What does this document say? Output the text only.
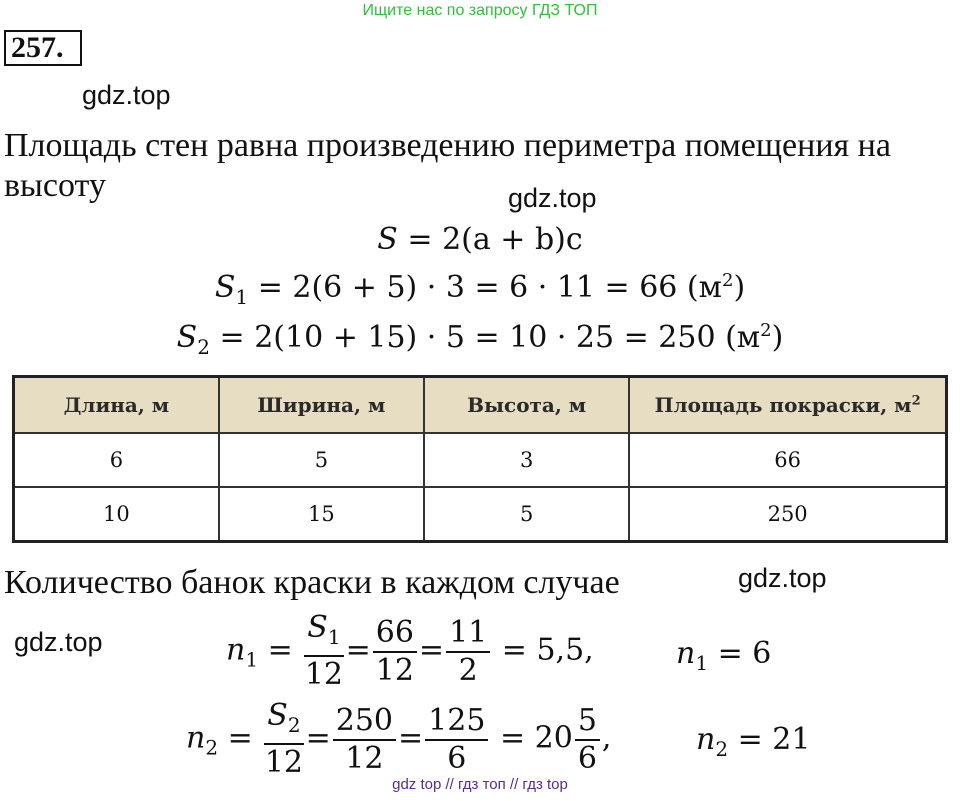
Ищите нас по запросу ГДЗ ТОП
257.
gdz.top
Площадь стен равна произведению периметра помещения на высоту	gdz.top
S = 2(a + b)c
$S_1 = 2(6 + 5) \cdot 3 = 6 \cdot 11 = 66$ $(м^2)$
$S_2 = 2(10 + 15) \cdot 5 = 10 \cdot 25 = 250$ $(м^2)$
Длина, м	Ширина, м	Высота, м	Площадь покраски, $м^2$
6	5	3	66
10	15	5	250
Количество банок краски в каждом случае	gdz.top
gdz.top	$n_1 = \frac{S_1}{12} = \frac{66}{12} = \frac{11}{2} = 5,5$,	$n_1 = 6$
$n_2 = \frac{S_2}{12} = \frac{250}{12} = \frac{125}{6} = 20 \frac{5}{6}$ ,	$n_2 = 21$
gdz top // гдз топ // гдз top
